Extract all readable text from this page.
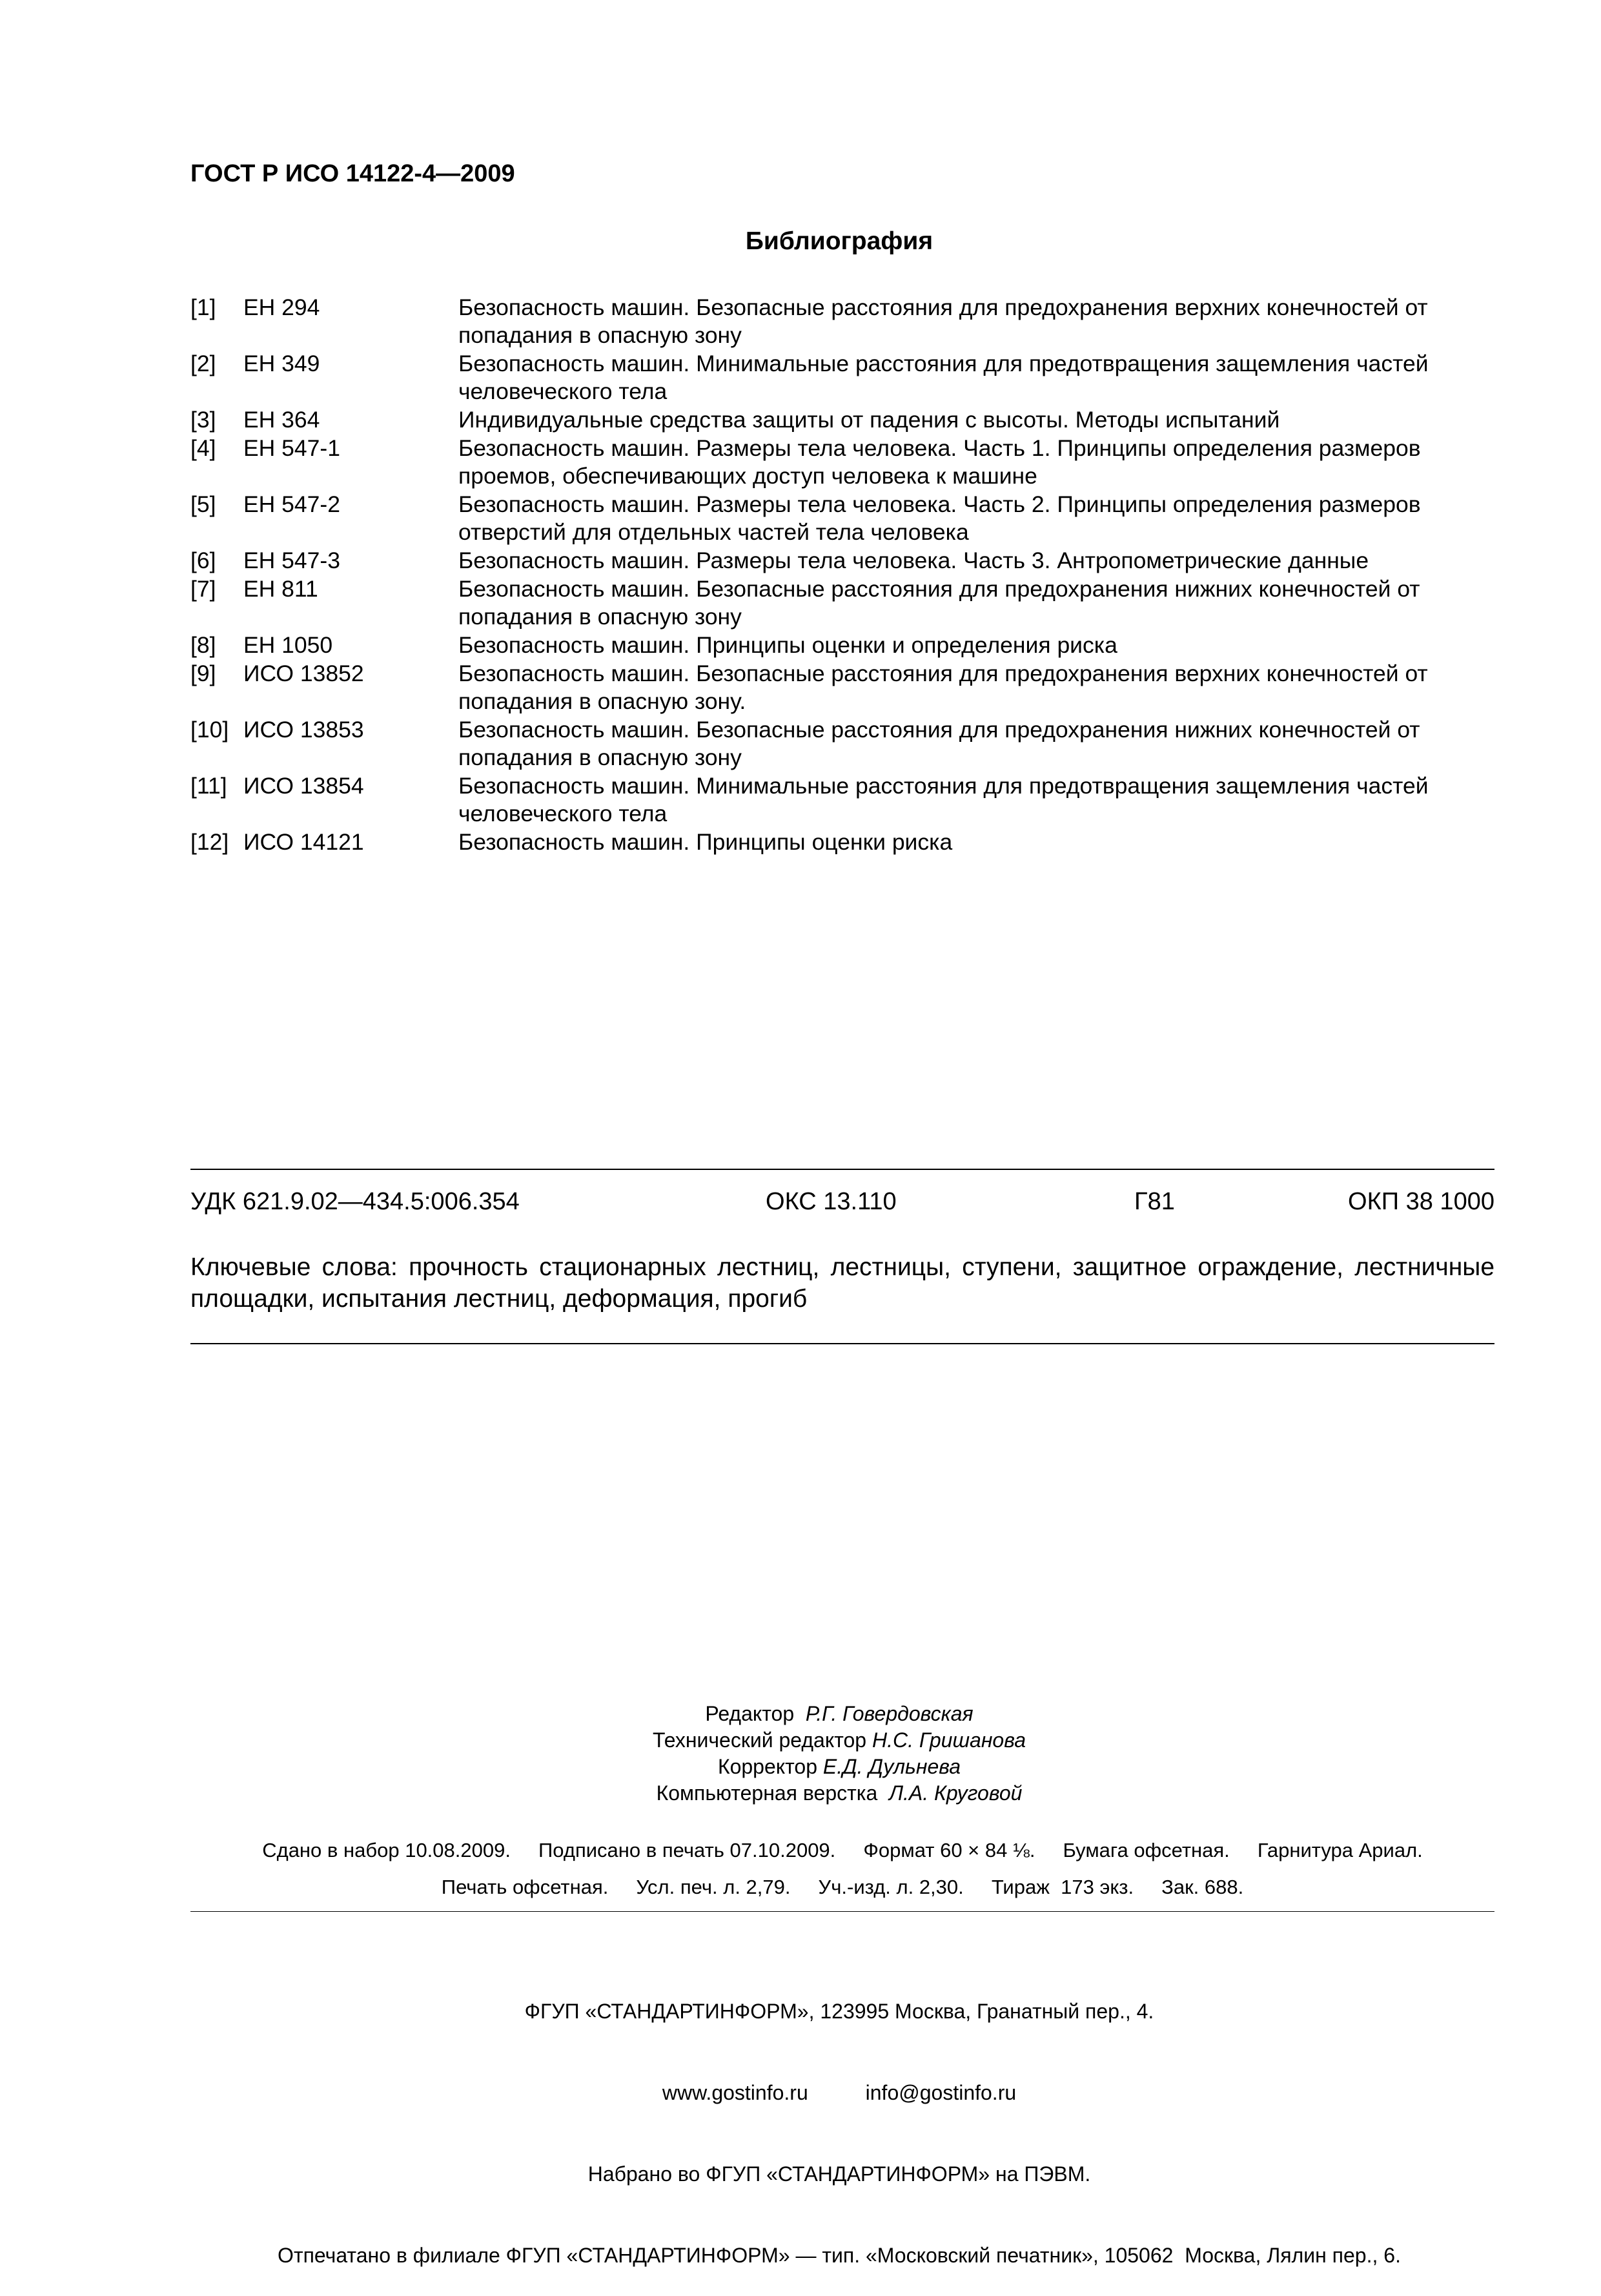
ГОСТ Р ИСО 14122-4—2009
Библиография
[1]	ЕН 294	Безопасность машин. Безопасные расстояния для предохранения верхних конечностей от попадания в опасную зону
[2]	ЕН 349	Безопасность машин. Минимальные расстояния для предотвращения защемления частей человеческого тела
[3]	ЕН 364	Индивидуальные средства защиты от падения с высоты. Методы испытаний
[4]	ЕН 547-1	Безопасность машин. Размеры тела человека. Часть 1. Принципы определения размеров проемов, обеспечивающих доступ человека к машине
[5]	ЕН 547-2	Безопасность машин. Размеры тела человека. Часть 2. Принципы определения размеров отверстий для отдельных частей тела человека
[6]	ЕН 547-3	Безопасность машин. Размеры тела человека. Часть 3. Антропометрические данные
[7]	ЕН 811	Безопасность машин. Безопасные расстояния для предохранения нижних конечностей от попадания в опасную зону
[8]	ЕН 1050	Безопасность машин. Принципы оценки и определения риска
[9]	ИСО 13852	Безопасность машин. Безопасные расстояния для предохранения верхних конечностей от попадания в опасную зону.
[10] ИСО 13853	Безопасность машин. Безопасные расстояния для предохранения нижних конечностей от попадания в опасную зону
[11] ИСО 13854	Безопасность машин. Минимальные расстояния для предотвращения защемления частей человеческого тела
[12] ИСО 14121	Безопасность машин. Принципы оценки риска
УДК 621.9.02—434.5:006.354	ОКС 13.110	Г81	ОКП 38 1000
Ключевые слова: прочность стационарных лестниц, лестницы, ступени, защитное ограждение, лестничные площадки, испытания лестниц, деформация, прогиб
Редактор Р.Г. Говердовская
Технический редактор Н.С. Гришанова
Корректор Е.Д. Дульнева
Компьютерная верстка Л.А. Круговой
Сдано в набор 10.08.2009.     Подписано в печать 07.10.2009.     Формат 60 × 84 ⅛.     Бумага офсетная.     Гарнитура Ариал.
Печать офсетная.     Усл. печ. л. 2,79.     Уч.-изд. л. 2,30.     Тираж  173 экз.     Зак. 688.

ФГУП «СТАНДАРТИНФОРМ», 123995 Москва, Гранатный пер., 4.

www.gostinfo.ru          info@gostinfo.ru

Набрано во ФГУП «СТАНДАРТИНФОРМ» на ПЭВМ.

Отпечатано в филиале ФГУП «СТАНДАРТИНФОРМ» — тип. «Московский печатник», 105062  Москва, Лялин пер., 6.
